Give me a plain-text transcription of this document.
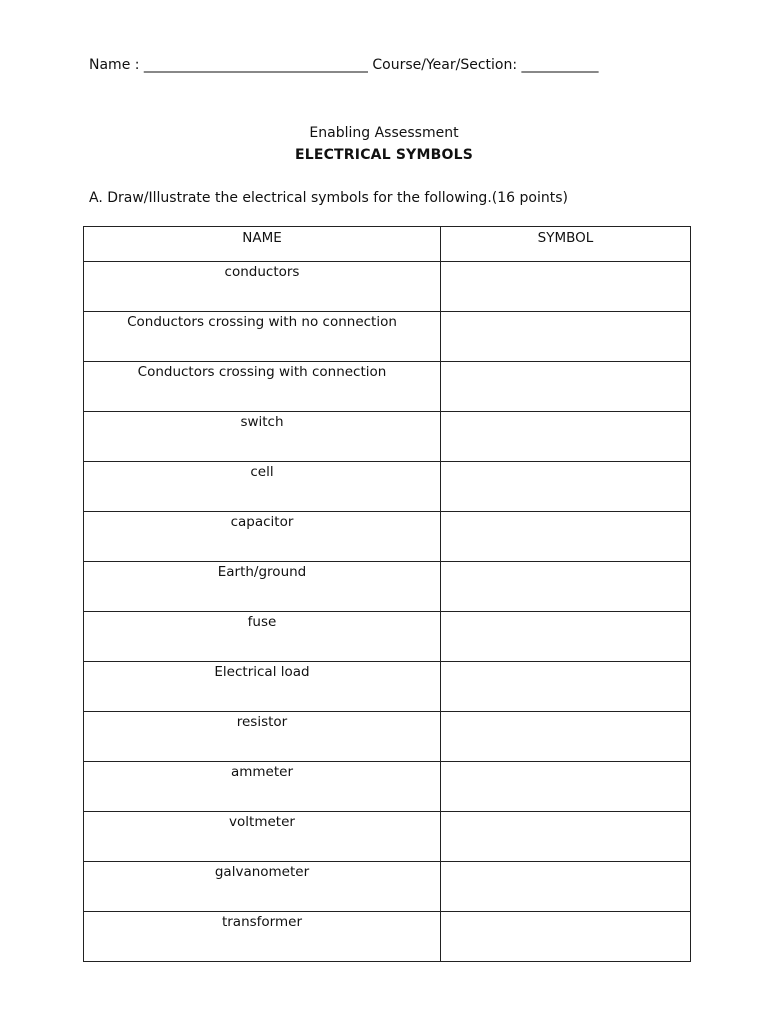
Name : ________________________________ Course/Year/Section: ___________
Enabling Assessment
ELECTRICAL SYMBOLS
A. Draw/Illustrate the electrical symbols for the following.(16 points)
NAME	SYMBOL
conductors	
Conductors crossing with no connection	
Conductors crossing with connection	
switch	
cell	
capacitor	
Earth/ground	
fuse	
Electrical load	
resistor	
ammeter	
voltmeter	
galvanometer	
transformer	
